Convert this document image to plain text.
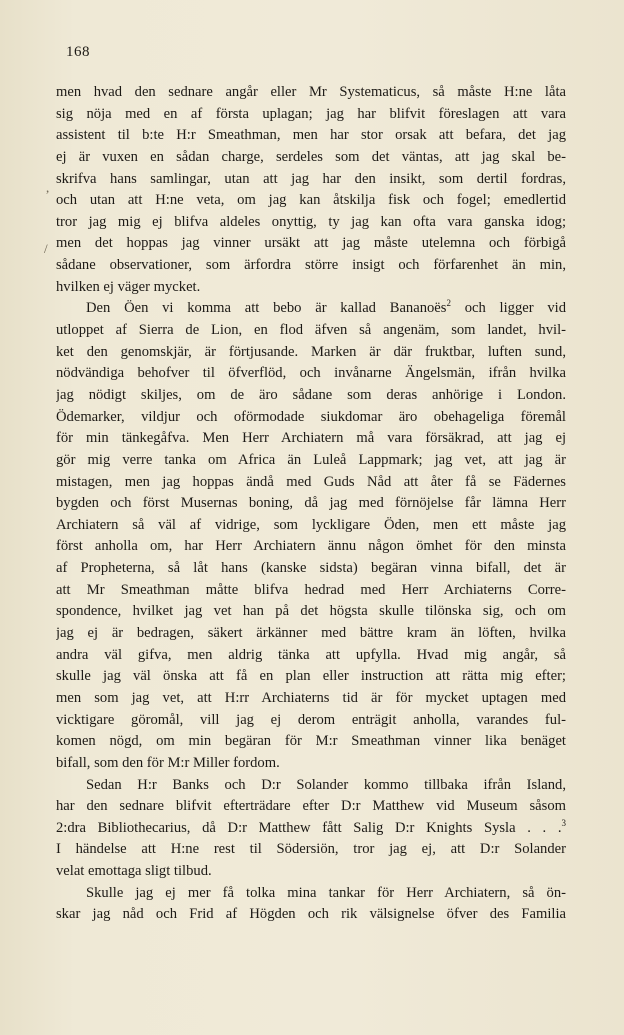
168
,
/
men hvad den sednare angår eller Mr Systematicus, så måste H:ne låta
sig nöja med en af första uplagan; jag har blifvit föreslagen att vara
assistent til b:te H:r Smeathman, men har stor orsak att befara, det jag
ej är vuxen en sådan charge, serdeles som det väntas, att jag skal be-
skrifva hans samlingar, utan att jag har den insikt, som dertil fordras,
och utan att H:ne veta, om jag kan åtskilja fisk och fogel; emedlertid
tror jag mig ej blifva aldeles onyttig, ty jag kan ofta vara ganska idog;
men det hoppas jag vinner ursäkt att jag måste utelemna och förbigå
sådane observationer, som ärfordra större insigt och förfarenhet än min,
hvilken ej väger mycket.
Den Öen vi komma att bebo är kallad Bananoës$^2$ och ligger vid
utloppet af Sierra de Lion, en flod äfven så angenäm, som landet, hvil-
ket den genomskjär, är förtjusande. Marken är där fruktbar, luften sund,
nödvändiga behofver til öfverflöd, och invånarne Ängelsmän, ifrån hvilka
jag nödigt skiljes, om de äro sådane som deras anhörige i London.
Ödemarker, vildjur och oförmodade siukdomar äro obehageliga föremål
för min tänkegåfva. Men Herr Archiatern må vara försäkrad, att jag ej
gör mig verre tanka om Africa än Luleå Lappmark; jag vet, att jag är
mistagen, men jag hoppas ändå med Guds Nåd att åter få se Fädernes
bygden och först Musernas boning, då jag med förnöjelse får lämna Herr
Archiatern så väl af vidrige, som lyckligare Öden, men ett måste jag
först anholla om, har Herr Archiatern ännu någon ömhet för den minsta
af Propheterna, så låt hans (kanske sidsta) begäran vinna bifall, det är
att Mr Smeathman måtte blifva hedrad med Herr Archiaterns Corre-
spondence, hvilket jag vet han på det högsta skulle tilönska sig, och om
jag ej är bedragen, säkert ärkänner med bättre kram än löften, hvilka
andra väl gifva, men aldrig tänka att upfylla. Hvad mig angår, så
skulle jag väl önska att få en plan eller instruction att rätta mig efter;
men som jag vet, att H:rr Archiaterns tid är för mycket uptagen med
vicktigare göromål, vill jag ej derom enträgit anholla, varandes ful-
komen nögd, om min begäran för M:r Smeathman vinner lika benäget
bifall, som den för M:r Miller fordom.
Sedan H:r Banks och D:r Solander kommo tillbaka ifrån Island,
har den sednare blifvit efterträdare efter D:r Matthew vid Museum såsom
2:dra Bibliothecarius, då D:r Matthew fått Salig D:r Knights Sysla . . .$^3$
I händelse att H:ne rest til Södersiön, tror jag ej, att D:r Solander
velat emottaga sligt tilbud.
Skulle jag ej mer få tolka mina tankar för Herr Archiatern, så ön-
skar jag nåd och Frid af Högden och rik välsignelse öfver des Familia
